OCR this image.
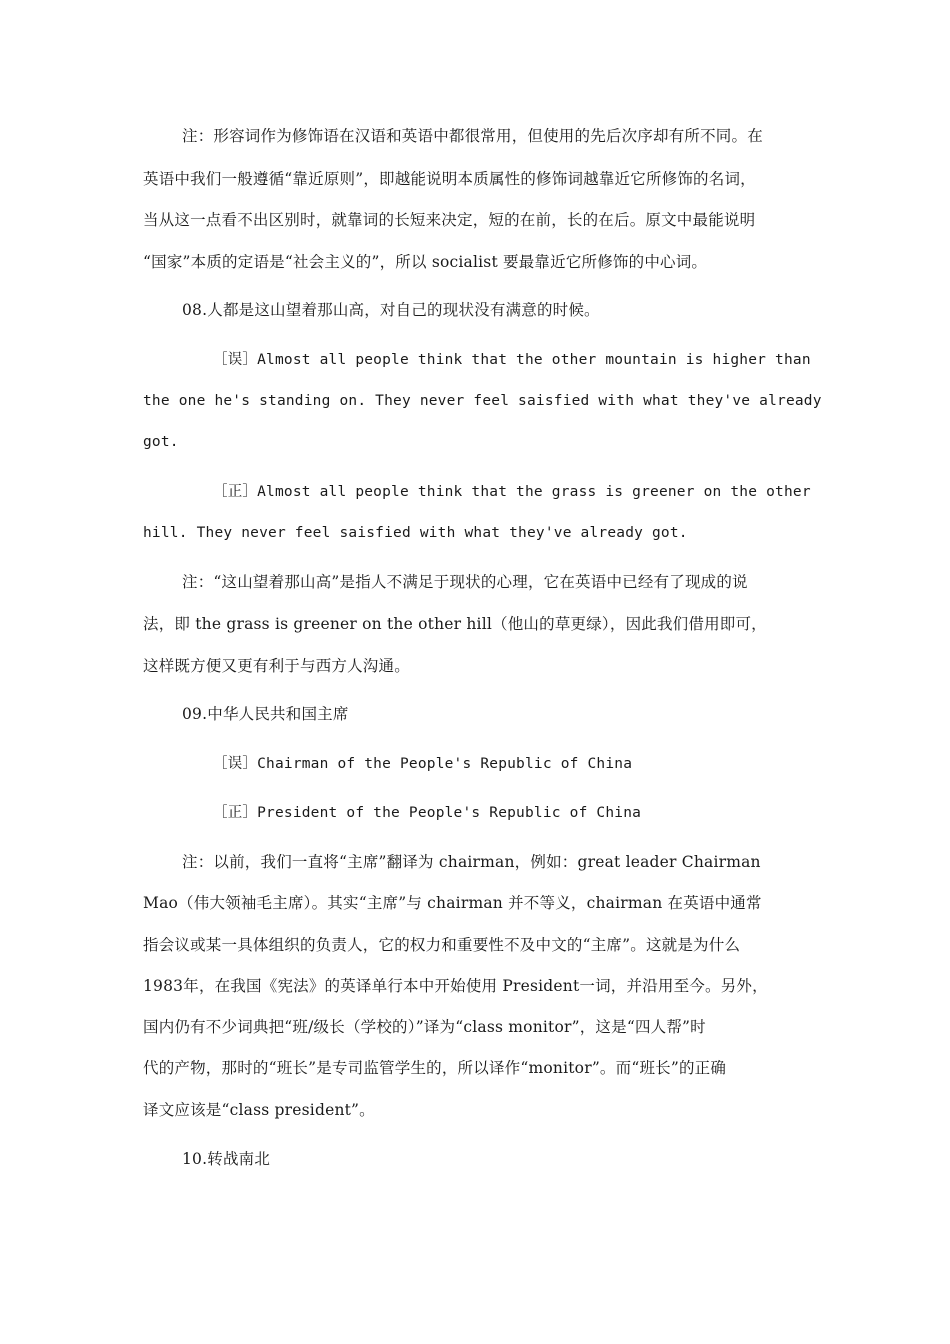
注：形容词作为修饰语在汉语和英语中都很常用，但使用的先后次序却有所不同。在
英语中我们一般遵循“靠近原则”，即越能说明本质属性的修饰词越靠近它所修饰的名词，
当从这一点看不出区别时，就靠词的长短来决定，短的在前，长的在后。原文中最能说明
“国家”本质的定语是“社会主义的”，所以 socialist 要最靠近它所修饰的中心词。
08.人都是这山望着那山高，对自己的现状没有满意的时候。
［误］Almost all people think that the other mountain is higher than
the one he's standing on. They never feel saisfied with what they've already
got.
［正］Almost all people think that the grass is greener on the other
hill. They never feel saisfied with what they've already got.
注：“这山望着那山高”是指人不满足于现状的心理，它在英语中已经有了现成的说
法，即 the grass is greener on the other hill（他山的草更绿），因此我们借用即可，
这样既方便又更有利于与西方人沟通。
09.中华人民共和国主席
［误］Chairman of the People's Republic of China
［正］President of the People's Republic of China
注：以前，我们一直将“主席”翻译为 chairman，例如：great leader Chairman
Mao（伟大领袖毛主席）。其实“主席”与 chairman 并不等义，chairman 在英语中通常
指会议或某一具体组织的负责人，它的权力和重要性不及中文的“主席”。这就是为什么
1983年，在我国《宪法》的英译单行本中开始使用 President一词，并沿用至今。另外，
国内仍有不少词典把“班/级长（学校的）”译为“class monitor”，这是“四人帮”时
代的产物，那时的“班长”是专司监管学生的，所以译作“monitor”。而“班长”的正确
译文应该是“class president”。
10.转战南北
